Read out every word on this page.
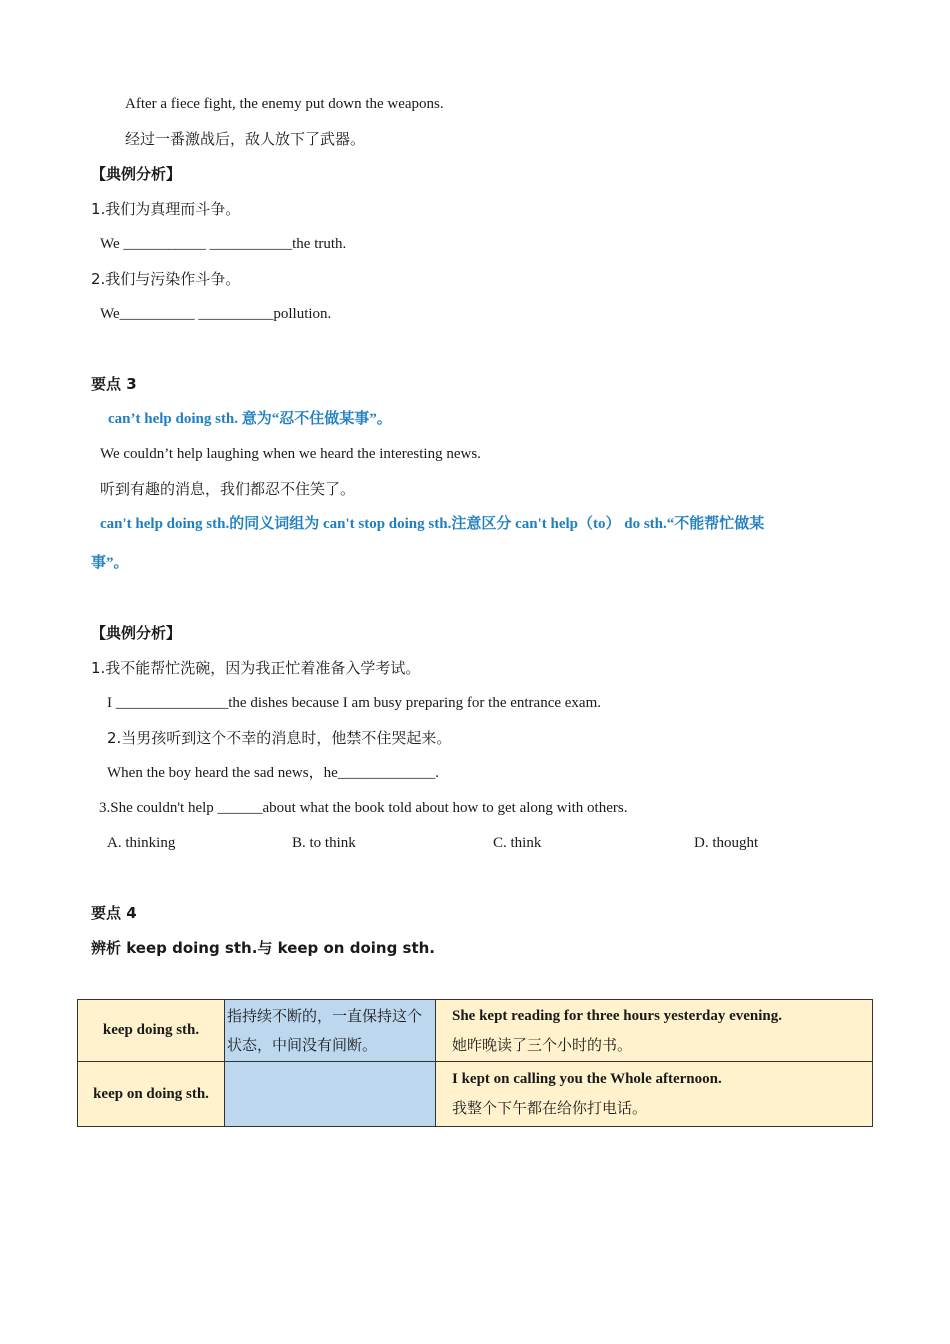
After a fiece fight, the enemy put down the weapons.
经过一番激战后，敌人放下了武器。
【典例分析】
1.我们为真理而斗争。
We ___________ ___________the truth.
2.我们与污染作斗争。
We__________ __________pollution.
要点 3
can’t help doing sth. 意为“忍不住做某事”。
We couldn’t help laughing when we heard the interesting news.
听到有趣的消息，我们都忍不住笑了。
can't help doing sth.的同义词组为 can't stop doing sth.注意区分 can't help（to） do sth.“不能帮忙做某
事”。
【典例分析】
1.我不能帮忙洗碗，因为我正忙着准备入学考试。
I _______________the dishes because I am busy preparing for the entrance exam.
2.当男孩听到这个不幸的消息时，他禁不住哭起来。
When the boy heard the sad news，he_____________.
3.She couldn't help ______about what the book told about how to get along with others.
A. thinking	B. to think	C. think	D. thought
要点 4
辨析 keep doing sth.与 keep on doing sth.
keep doing sth.	指持续不断的，一直保持这个状态，中间没有间断。	She kept reading for three hours yesterday evening.
她昨晚读了三个小时的书。

keep on doing sth.		I kept on calling you the Whole afternoon.
我整个下午都在给你打电话。
